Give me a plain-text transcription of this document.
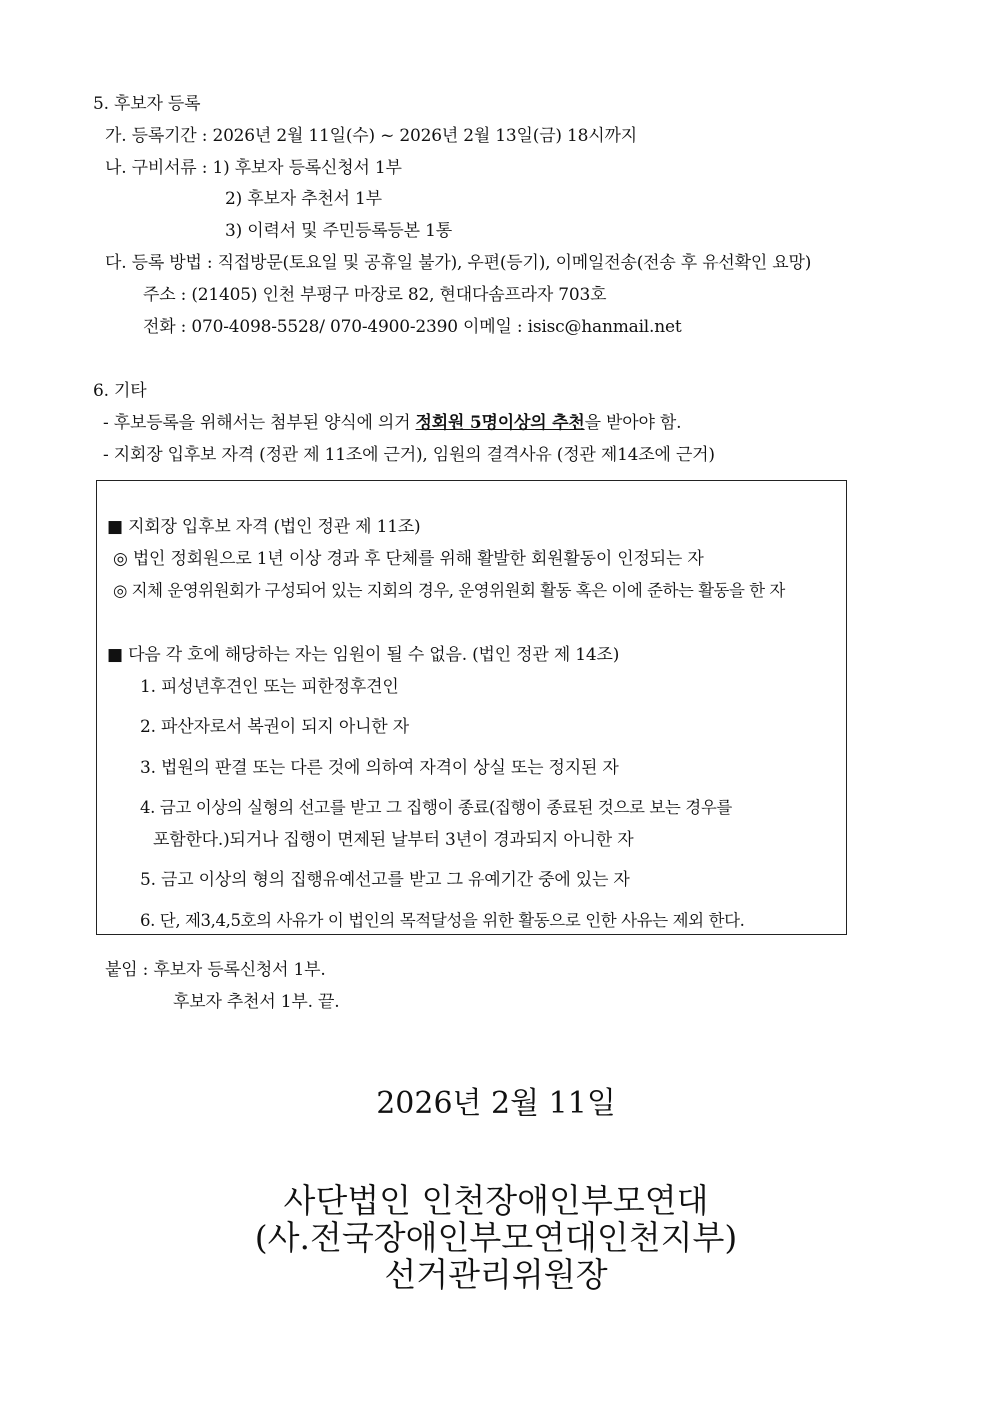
5. 후보자 등록
가. 등록기간 : 2026년 2월 11일(수) ~ 2026년 2월 13일(금) 18시까지
나. 구비서류 : 1) 후보자 등록신청서 1부
2) 후보자 추천서 1부
3) 이력서 및 주민등록등본 1통
다. 등록 방법 : 직접방문(토요일 및 공휴일 불가), 우편(등기), 이메일전송(전송 후 유선확인 요망)
주소 : (21405) 인천 부평구 마장로 82, 현대다솜프라자 703호
전화 : 070-4098-5528/ 070-4900-2390 이메일 : isisc@hanmail.net
6. 기타
- 후보등록을 위해서는 첨부된 양식에 의거 정회원 5명이상의 추천을 받아야 함.
- 지회장 입후보 자격 (정관 제 11조에 근거), 임원의 결격사유 (정관 제14조에 근거)
■ 지회장 입후보 자격 (법인 정관 제 11조)
◎ 법인 정회원으로 1년 이상 경과 후 단체를 위해 활발한 회원활동이 인정되는 자
◎ 지체 운영위원회가 구성되어 있는 지회의 경우, 운영위원회 활동 혹은 이에 준하는 활동을 한 자
■ 다음 각 호에 해당하는 자는 임원이 될 수 없음. (법인 정관 제 14조)
1. 피성년후견인 또는 피한정후견인
2. 파산자로서 복권이 되지 아니한 자
3. 법원의 판결 또는 다른 것에 의하여 자격이 상실 또는 정지된 자
4. 금고 이상의 실형의 선고를 받고 그 집행이 종료(집행이 종료된 것으로 보는 경우를
포함한다.)되거나 집행이 면제된 날부터 3년이 경과되지 아니한 자
5. 금고 이상의 형의 집행유예선고를 받고 그 유예기간 중에 있는 자
6. 단, 제3,4,5호의 사유가 이 법인의 목적달성을 위한 활동으로 인한 사유는 제외 한다.
붙임 : 후보자 등록신청서 1부.
후보자 추천서 1부. 끝.
2026년 2월 11일
사단법인 인천장애인부모연대
(사.전국장애인부모연대인천지부)
선거관리위원장
